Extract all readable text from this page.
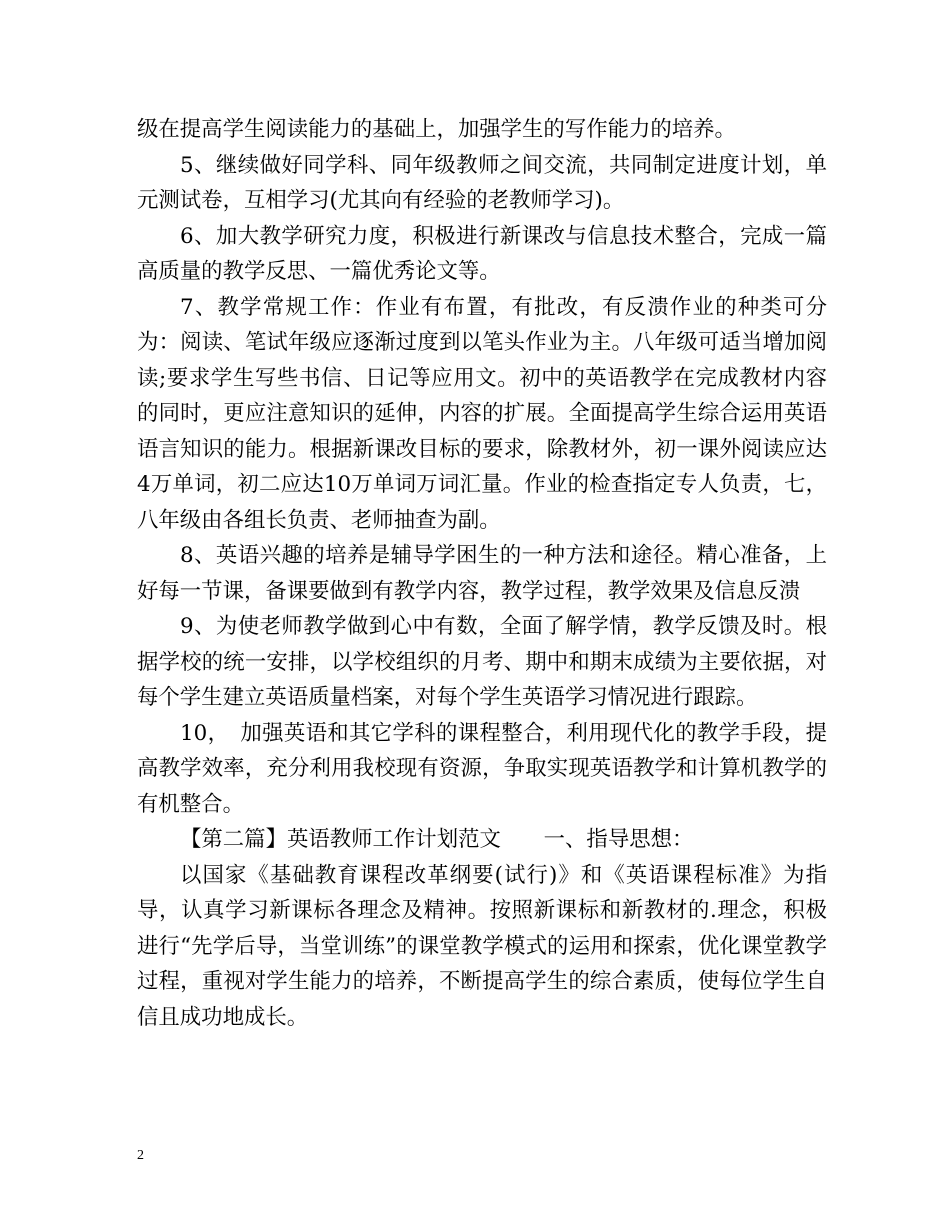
级在提高学生阅读能力的基础上，加强学生的写作能力的培养。

5、继续做好同学科、同年级教师之间交流，共同制定进度计划，单元测试卷，互相学习(尤其向有经验的老教师学习)。

6、加大教学研究力度，积极进行新课改与信息技术整合，完成一篇高质量的教学反思、一篇优秀论文等。

7、教学常规工作：作业有布置，有批改，有反溃作业的种类可分为：阅读、笔试年级应逐渐过度到以笔头作业为主。八年级可适当增加阅读;要求学生写些书信、日记等应用文。初中的英语教学在完成教材内容的同时，更应注意知识的延伸，内容的扩展。全面提高学生综合运用英语语言知识的能力。根据新课改目标的要求，除教材外，初一课外阅读应达4万单词，初二应达10万单词万词汇量。作业的检查指定专人负责，七，八年级由各组长负责、老师抽查为副。

8、英语兴趣的培养是辅导学困生的一种方法和途径。精心准备，上好每一节课，备课要做到有教学内容，教学过程，教学效果及信息反溃

9、为使老师教学做到心中有数，全面了解学情，教学反馈及时。根据学校的统一安排，以学校组织的月考、期中和期末成绩为主要依据，对每个学生建立英语质量档案，对每个学生英语学习情况进行跟踪。

10，　加强英语和其它学科的课程整合，利用现代化的教学手段，提高教学效率，充分利用我校现有资源，争取实现英语教学和计算机教学的有机整合。

【第二篇】英语教师工作计划范文　　一、指导思想：

以国家《基础教育课程改革纲要(试行)》和《英语课程标准》为指导，认真学习新课标各理念及精神。按照新课标和新教材的.理念，积极进行“先学后导，当堂训练”的课堂教学模式的运用和探索，优化课堂教学过程，重视对学生能力的培养，不断提高学生的综合素质，使每位学生自信且成功地成长。

2
